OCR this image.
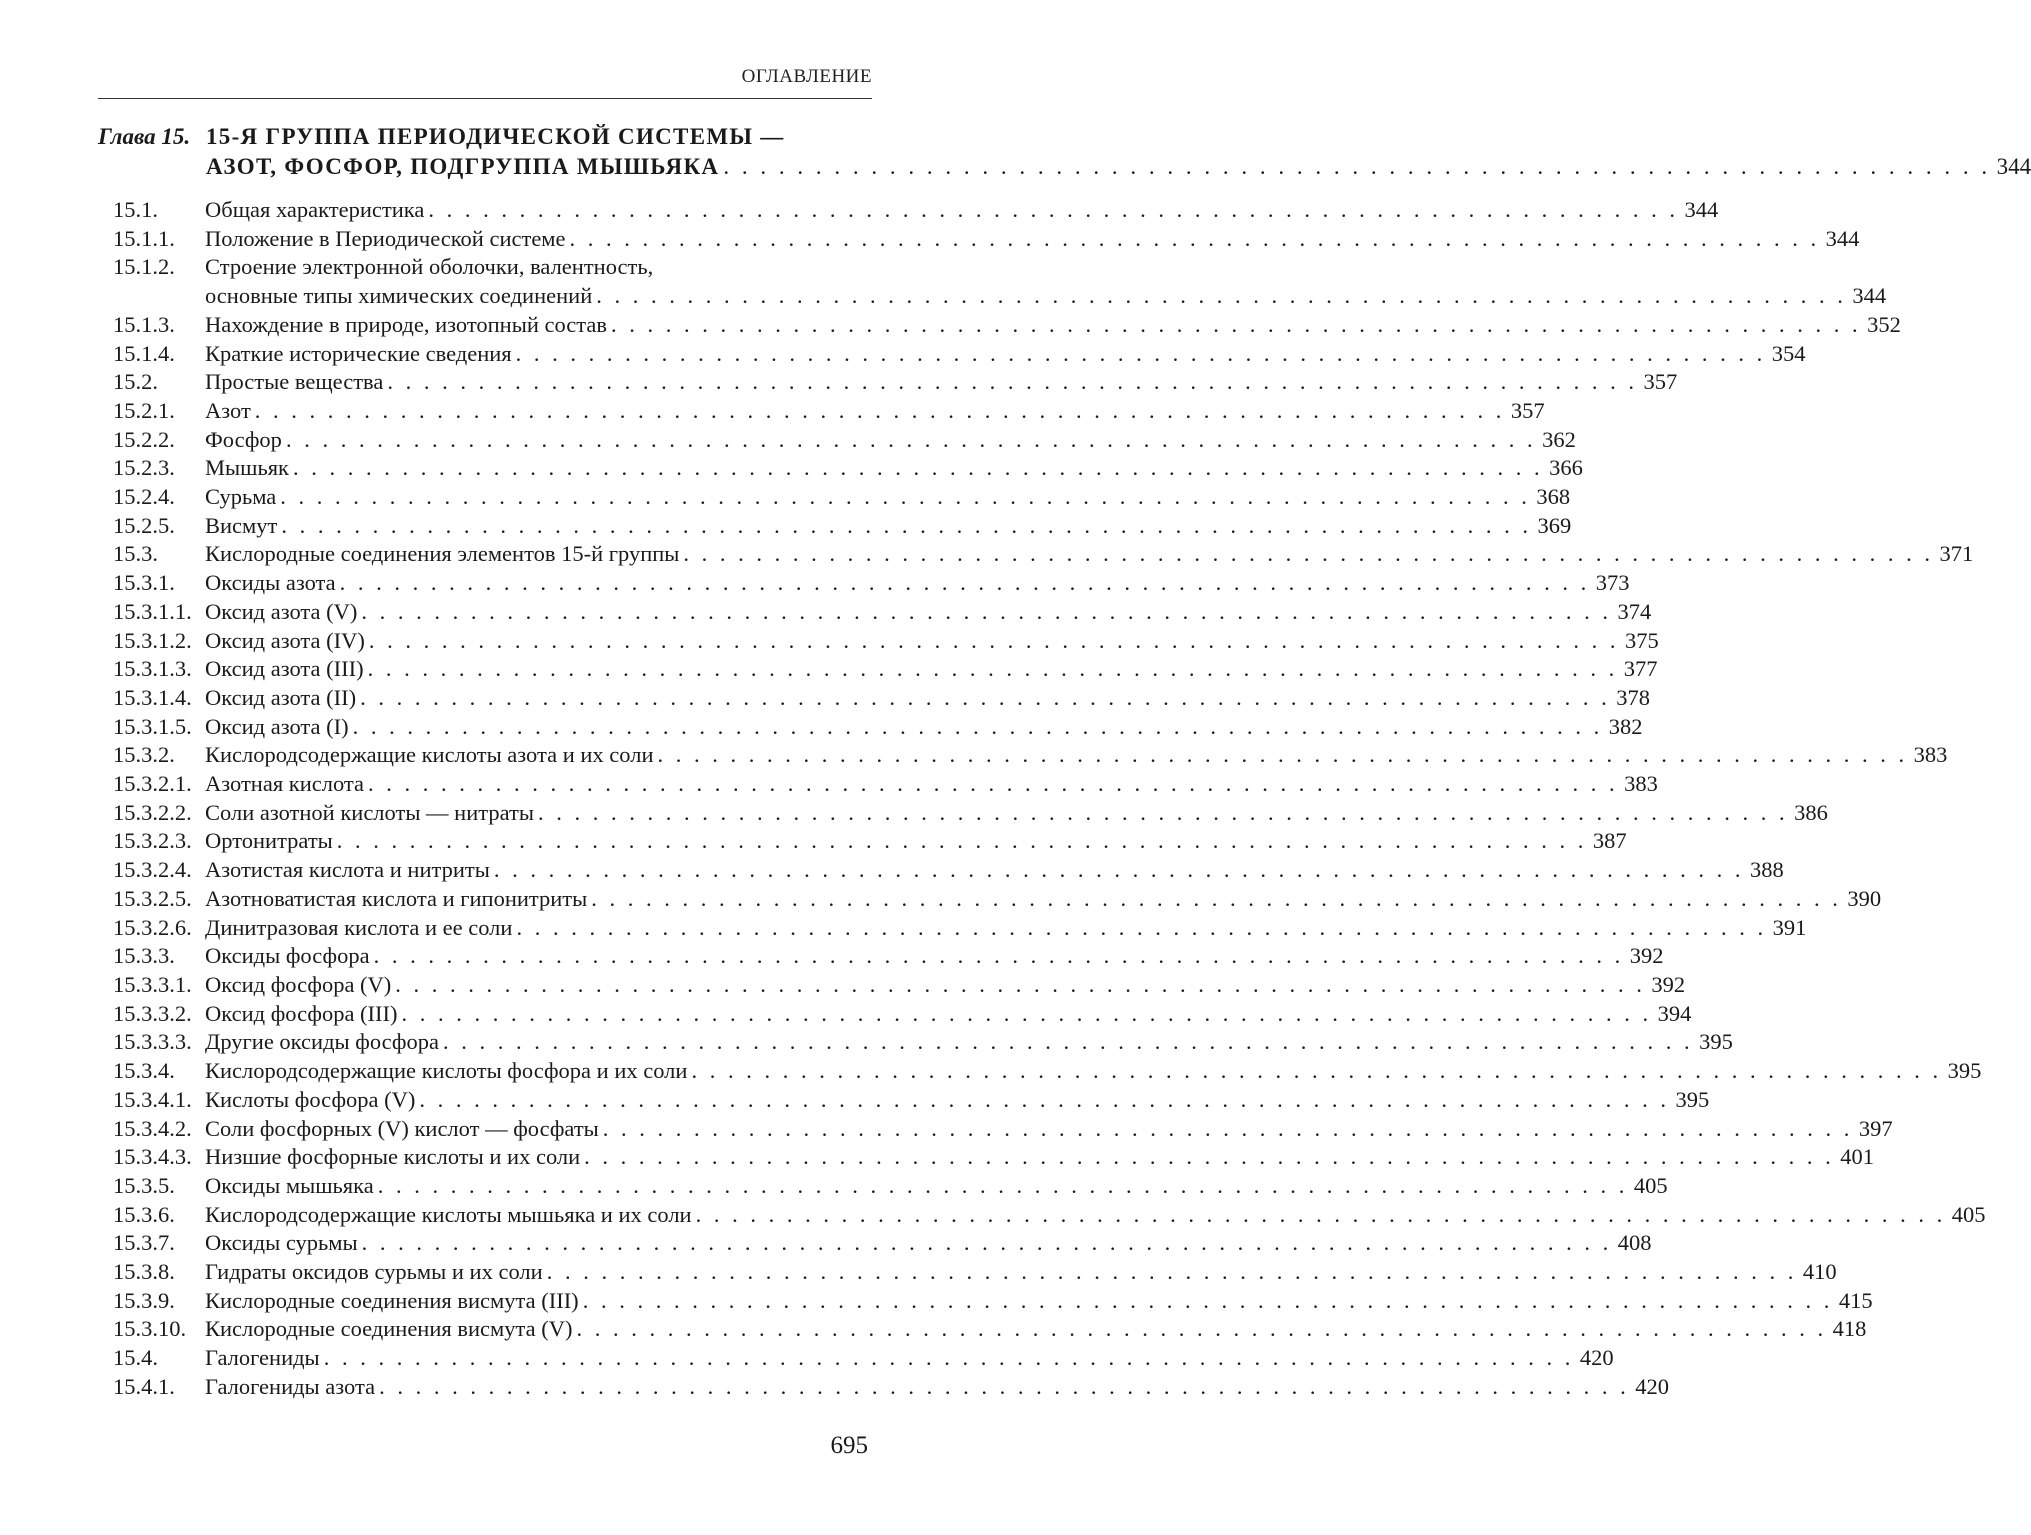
ОГЛАВЛЕНИЕ
Глава 15. 15-Я ГРУППА ПЕРИОДИЧЕСКОЙ СИСТЕМЫ —
АЗОТ, ФОСФОР, ПОДГРУППА МЫШЬЯКА . . . . . . . . . . . . . . . . . . . . . . . . . . . . . . . . . . . . . . . . . . . . . . . . . . . . . . . . . . . . . . . . . . . . . 344
15.1.	Общая характеристика . . . . . . . . . . . . . . . . . . . . . . . . . . . . . . . . . . . . . . . . . . . . . . . . . . . . . . . . . . . . . . . . . . . . . 344
15.1.1.	Положение в Периодической системе . . . . . . . . . . . . . . . . . . . . . . . . . . . . . . . . . . . . . . . . . . . . . . . . . . . . . . . . . . . . . . . . . . . . . 344
15.1.2.	Строение электронной оболочки, валентность,
основные типы химических соединений . . . . . . . . . . . . . . . . . . . . . . . . . . . . . . . . . . . . . . . . . . . . . . . . . . . . . . . . . . . . . . . . . . . . . 344
15.1.3.	Нахождение в природе, изотопный состав . . . . . . . . . . . . . . . . . . . . . . . . . . . . . . . . . . . . . . . . . . . . . . . . . . . . . . . . . . . . . . . . . . . . . 352
15.1.4.	Краткие исторические сведения . . . . . . . . . . . . . . . . . . . . . . . . . . . . . . . . . . . . . . . . . . . . . . . . . . . . . . . . . . . . . . . . . . . . . 354
15.2.	Простые вещества . . . . . . . . . . . . . . . . . . . . . . . . . . . . . . . . . . . . . . . . . . . . . . . . . . . . . . . . . . . . . . . . . . . . . 357
15.2.1.	Азот . . . . . . . . . . . . . . . . . . . . . . . . . . . . . . . . . . . . . . . . . . . . . . . . . . . . . . . . . . . . . . . . . . . . . 357
15.2.2.	Фосфор . . . . . . . . . . . . . . . . . . . . . . . . . . . . . . . . . . . . . . . . . . . . . . . . . . . . . . . . . . . . . . . . . . . . . 362
15.2.3.	Мышьяк . . . . . . . . . . . . . . . . . . . . . . . . . . . . . . . . . . . . . . . . . . . . . . . . . . . . . . . . . . . . . . . . . . . . . 366
15.2.4.	Сурьма . . . . . . . . . . . . . . . . . . . . . . . . . . . . . . . . . . . . . . . . . . . . . . . . . . . . . . . . . . . . . . . . . . . . . 368
15.2.5.	Висмут . . . . . . . . . . . . . . . . . . . . . . . . . . . . . . . . . . . . . . . . . . . . . . . . . . . . . . . . . . . . . . . . . . . . . 369
15.3.	Кислородные соединения элементов 15-й группы . . . . . . . . . . . . . . . . . . . . . . . . . . . . . . . . . . . . . . . . . . . . . . . . . . . . . . . . . . . . . . . . . . . . . 371
15.3.1.	Оксиды азота . . . . . . . . . . . . . . . . . . . . . . . . . . . . . . . . . . . . . . . . . . . . . . . . . . . . . . . . . . . . . . . . . . . . . 373
15.3.1.1. Оксид азота (V) . . . . . . . . . . . . . . . . . . . . . . . . . . . . . . . . . . . . . . . . . . . . . . . . . . . . . . . . . . . . . . . . . . . . . 374
15.3.1.2. Оксид азота (IV) . . . . . . . . . . . . . . . . . . . . . . . . . . . . . . . . . . . . . . . . . . . . . . . . . . . . . . . . . . . . . . . . . . . . . 375
15.3.1.3. Оксид азота (III) . . . . . . . . . . . . . . . . . . . . . . . . . . . . . . . . . . . . . . . . . . . . . . . . . . . . . . . . . . . . . . . . . . . . . 377
15.3.1.4. Оксид азота (II) . . . . . . . . . . . . . . . . . . . . . . . . . . . . . . . . . . . . . . . . . . . . . . . . . . . . . . . . . . . . . . . . . . . . . 378
15.3.1.5. Оксид азота (I) . . . . . . . . . . . . . . . . . . . . . . . . . . . . . . . . . . . . . . . . . . . . . . . . . . . . . . . . . . . . . . . . . . . . . 382
15.3.2.	Кислородсодержащие кислоты азота и их соли . . . . . . . . . . . . . . . . . . . . . . . . . . . . . . . . . . . . . . . . . . . . . . . . . . . . . . . . . . . . . . . . . . . . . 383
15.3.2.1. Азотная кислота . . . . . . . . . . . . . . . . . . . . . . . . . . . . . . . . . . . . . . . . . . . . . . . . . . . . . . . . . . . . . . . . . . . . . 383
15.3.2.2. Соли азотной кислоты — нитраты . . . . . . . . . . . . . . . . . . . . . . . . . . . . . . . . . . . . . . . . . . . . . . . . . . . . . . . . . . . . . . . . . . . . . 386
15.3.2.3. Ортонитраты . . . . . . . . . . . . . . . . . . . . . . . . . . . . . . . . . . . . . . . . . . . . . . . . . . . . . . . . . . . . . . . . . . . . . 387
15.3.2.4. Азотистая кислота и нитриты . . . . . . . . . . . . . . . . . . . . . . . . . . . . . . . . . . . . . . . . . . . . . . . . . . . . . . . . . . . . . . . . . . . . . 388
15.3.2.5. Азотноватистая кислота и гипонитриты . . . . . . . . . . . . . . . . . . . . . . . . . . . . . . . . . . . . . . . . . . . . . . . . . . . . . . . . . . . . . . . . . . . . . 390
15.3.2.6. Динитразовая кислота и ее соли . . . . . . . . . . . . . . . . . . . . . . . . . . . . . . . . . . . . . . . . . . . . . . . . . . . . . . . . . . . . . . . . . . . . . 391
15.3.3.	Оксиды фосфора . . . . . . . . . . . . . . . . . . . . . . . . . . . . . . . . . . . . . . . . . . . . . . . . . . . . . . . . . . . . . . . . . . . . . 392
15.3.3.1. Оксид фосфора (V) . . . . . . . . . . . . . . . . . . . . . . . . . . . . . . . . . . . . . . . . . . . . . . . . . . . . . . . . . . . . . . . . . . . . . 392
15.3.3.2. Оксид фосфора (III) . . . . . . . . . . . . . . . . . . . . . . . . . . . . . . . . . . . . . . . . . . . . . . . . . . . . . . . . . . . . . . . . . . . . . 394
15.3.3.3. Другие оксиды фосфора . . . . . . . . . . . . . . . . . . . . . . . . . . . . . . . . . . . . . . . . . . . . . . . . . . . . . . . . . . . . . . . . . . . . . 395
15.3.4.	Кислородсодержащие кислоты фосфора и их соли . . . . . . . . . . . . . . . . . . . . . . . . . . . . . . . . . . . . . . . . . . . . . . . . . . . . . . . . . . . . . . . . . . . . . 395
15.3.4.1. Кислоты фосфора (V) . . . . . . . . . . . . . . . . . . . . . . . . . . . . . . . . . . . . . . . . . . . . . . . . . . . . . . . . . . . . . . . . . . . . . 395
15.3.4.2. Соли фосфорных (V) кислот — фосфаты . . . . . . . . . . . . . . . . . . . . . . . . . . . . . . . . . . . . . . . . . . . . . . . . . . . . . . . . . . . . . . . . . . . . . 397
15.3.4.3. Низшие фосфорные кислоты и их соли . . . . . . . . . . . . . . . . . . . . . . . . . . . . . . . . . . . . . . . . . . . . . . . . . . . . . . . . . . . . . . . . . . . . . 401
15.3.5.	Оксиды мышьяка . . . . . . . . . . . . . . . . . . . . . . . . . . . . . . . . . . . . . . . . . . . . . . . . . . . . . . . . . . . . . . . . . . . . . 405
15.3.6.	Кислородсодержащие кислоты мышьяка и их соли . . . . . . . . . . . . . . . . . . . . . . . . . . . . . . . . . . . . . . . . . . . . . . . . . . . . . . . . . . . . . . . . . . . . . 405
15.3.7.	Оксиды сурьмы . . . . . . . . . . . . . . . . . . . . . . . . . . . . . . . . . . . . . . . . . . . . . . . . . . . . . . . . . . . . . . . . . . . . . 408
15.3.8.	Гидраты оксидов сурьмы и их соли . . . . . . . . . . . . . . . . . . . . . . . . . . . . . . . . . . . . . . . . . . . . . . . . . . . . . . . . . . . . . . . . . . . . . 410
15.3.9.	Кислородные соединения висмута (III) . . . . . . . . . . . . . . . . . . . . . . . . . . . . . . . . . . . . . . . . . . . . . . . . . . . . . . . . . . . . . . . . . . . . . 415
15.3.10. Кислородные соединения висмута (V) . . . . . . . . . . . . . . . . . . . . . . . . . . . . . . . . . . . . . . . . . . . . . . . . . . . . . . . . . . . . . . . . . . . . . 418
15.4.	Галогениды . . . . . . . . . . . . . . . . . . . . . . . . . . . . . . . . . . . . . . . . . . . . . . . . . . . . . . . . . . . . . . . . . . . . . 420
15.4.1.	Галогениды азота . . . . . . . . . . . . . . . . . . . . . . . . . . . . . . . . . . . . . . . . . . . . . . . . . . . . . . . . . . . . . . . . . . . . . 420
695
